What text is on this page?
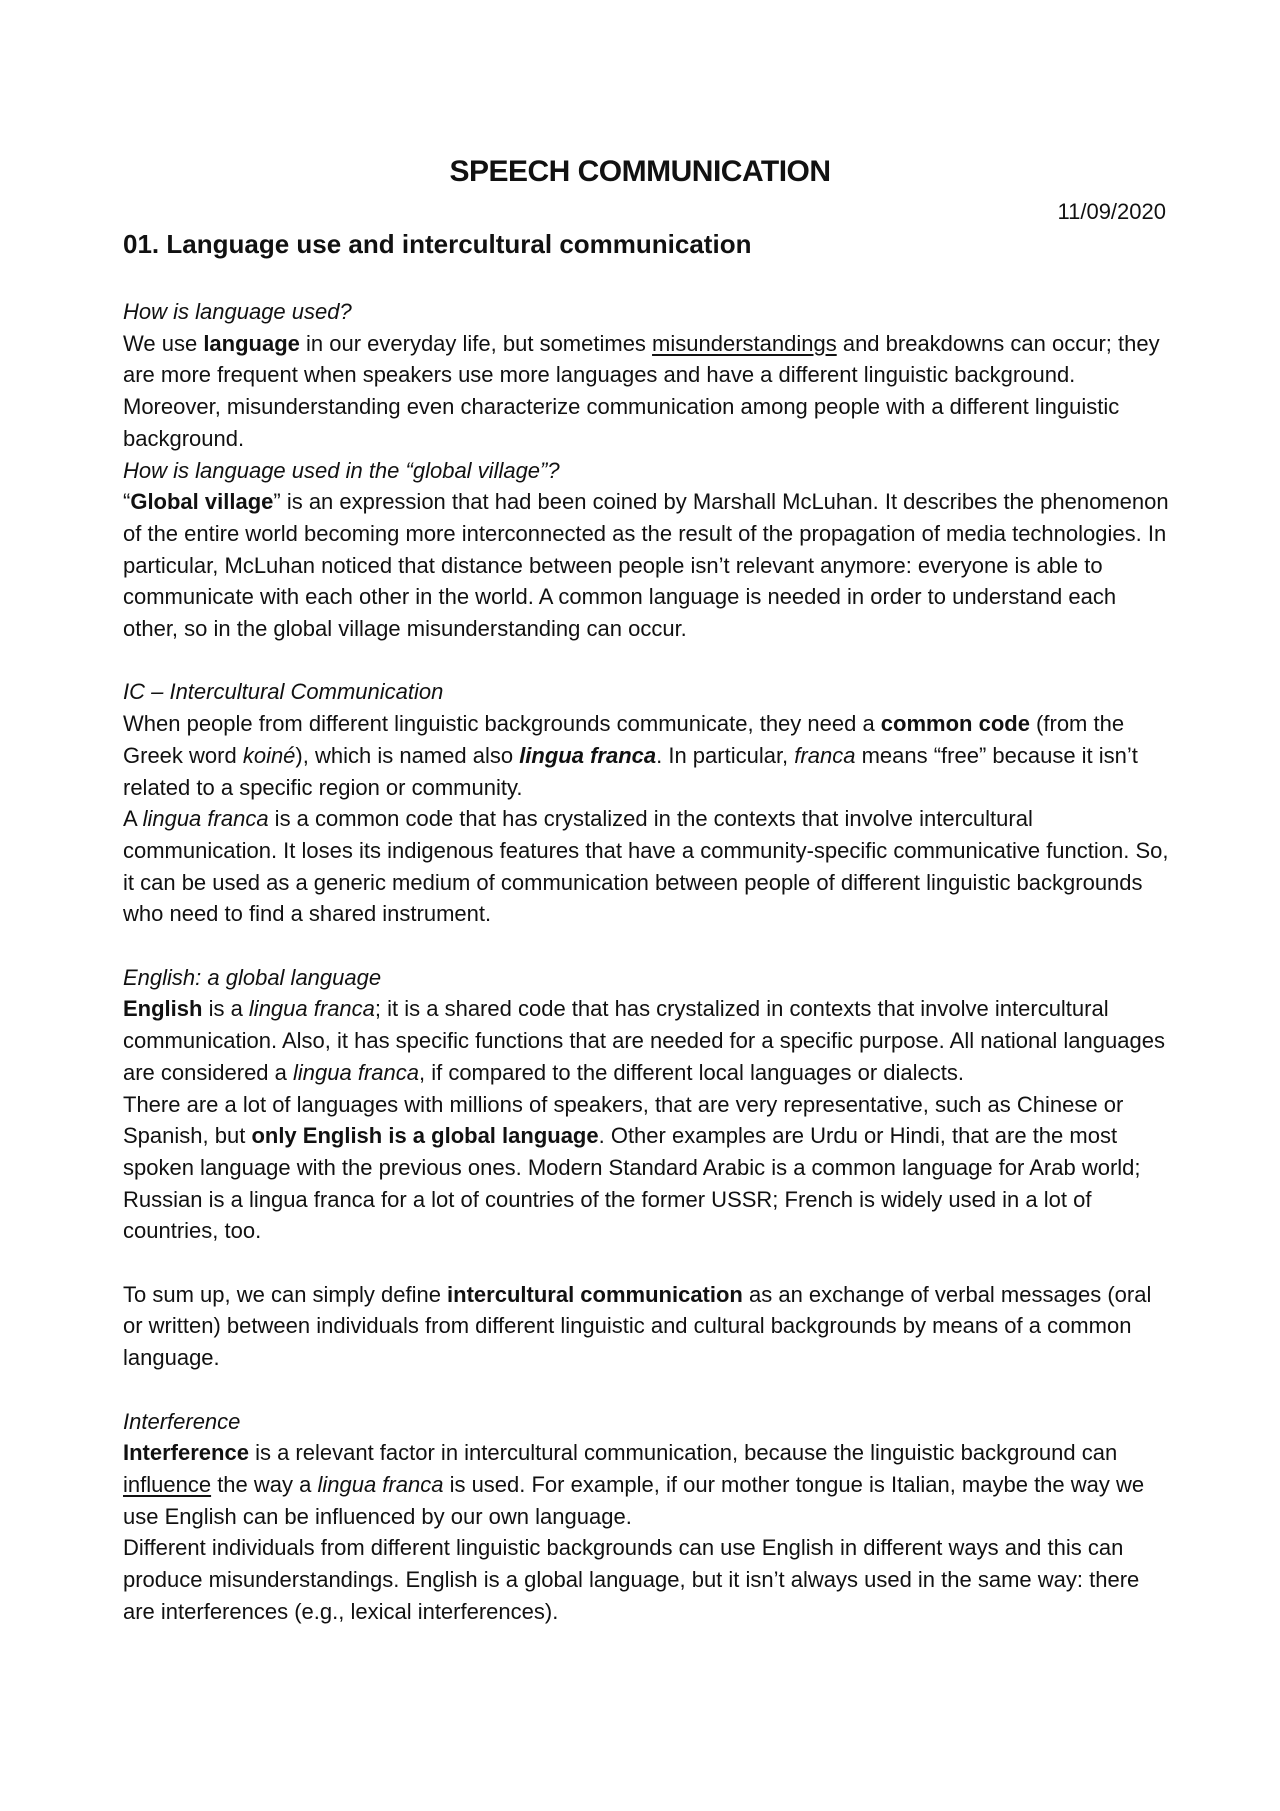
SPEECH COMMUNICATION
11/09/2020
01. Language use and intercultural communication

How is language used?

We use language in our everyday life, but sometimes misunderstandings and breakdowns can occur; they are more frequent when speakers use more languages and have a different linguistic background. Moreover, misunderstanding even characterize communication among people with a different linguistic background.

How is language used in the “global village”?

“Global village” is an expression that had been coined by Marshall McLuhan. It describes the phenomenon of the entire world becoming more interconnected as the result of the propagation of media technologies. In particular, McLuhan noticed that distance between people isn’t relevant anymore: everyone is able to communicate with each other in the world. A common language is needed in order to understand each other, so in the global village misunderstanding can occur.

IC – Intercultural Communication

When people from different linguistic backgrounds communicate, they need a common code (from the Greek word koiné), which is named also lingua franca. In particular, franca means “free” because it isn’t related to a specific region or community.

A lingua franca is a common code that has crystalized in the contexts that involve intercultural communication. It loses its indigenous features that have a community-specific communicative function. So, it can be used as a generic medium of communication between people of different linguistic backgrounds who need to find a shared instrument.

English: a global language

English is a lingua franca; it is a shared code that has crystalized in contexts that involve intercultural communication. Also, it has specific functions that are needed for a specific purpose. All national languages are considered a lingua franca, if compared to the different local languages or dialects.

There are a lot of languages with millions of speakers, that are very representative, such as Chinese or Spanish, but only English is a global language. Other examples are Urdu or Hindi, that are the most spoken language with the previous ones. Modern Standard Arabic is a common language for Arab world; Russian is a lingua franca for a lot of countries of the former USSR; French is widely used in a lot of countries, too.

To sum up, we can simply define intercultural communication as an exchange of verbal messages (oral or written) between individuals from different linguistic and cultural backgrounds by means of a common language.

Interference

Interference is a relevant factor in intercultural communication, because the linguistic background can influence the way a lingua franca is used. For example, if our mother tongue is Italian, maybe the way we use English can be influenced by our own language.

Different individuals from different linguistic backgrounds can use English in different ways and this can produce misunderstandings. English is a global language, but it isn’t always used in the same way: there are interferences (e.g., lexical interferences).
